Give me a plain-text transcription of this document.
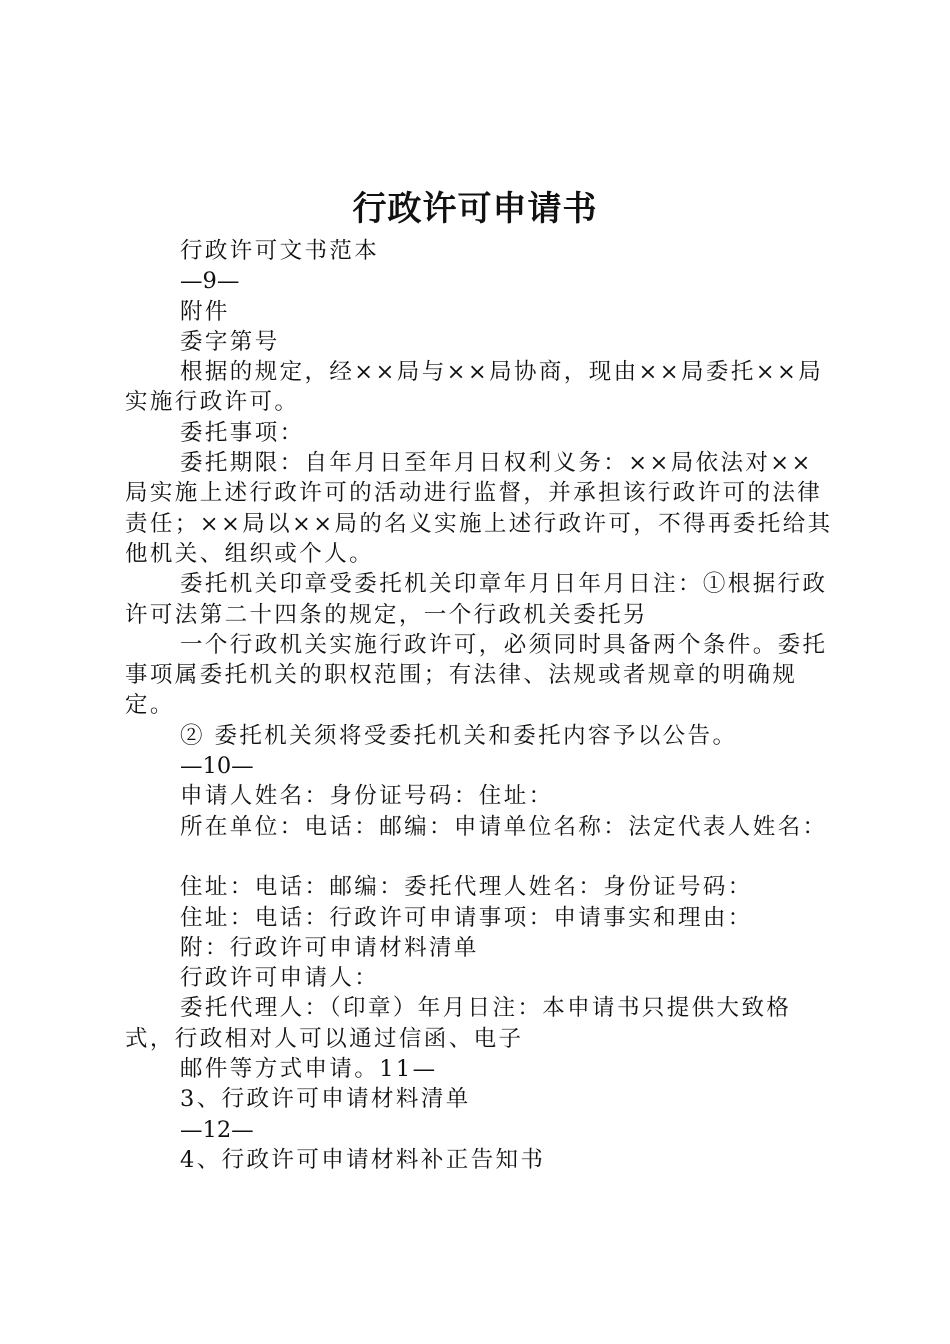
行政许可申请书

行政许可文书范本

—9—

附件

委字第号

根据的规定，经××局与××局协商，现由××局委托××局实施行政许可。

委托事项：

委托期限：自年月日至年月日权利义务：××局依法对××局实施上述行政许可的活动进行监督，并承担该行政许可的法律责任；××局以××局的名义实施上述行政许可，不得再委托给其他机关、组织或个人。

委托机关印章受委托机关印章年月日年月日注：①根据行政许可法第二十四条的规定，一个行政机关委托另

一个行政机关实施行政许可，必须同时具备两个条件。委托事项属委托机关的职权范围；有法律、法规或者规章的明确规定。

② 委托机关须将受委托机关和委托内容予以公告。

—10—

申请人姓名：身份证号码：住址：

所在单位：电话：邮编：申请单位名称：法定代表人姓名：

住址：电话：邮编：委托代理人姓名：身份证号码：

住址：电话：行政许可申请事项：申请事实和理由：

附：行政许可申请材料清单

行政许可申请人：

委托代理人：（印章）年月日注：本申请书只提供大致格式，行政相对人可以通过信函、电子

邮件等方式申请。11—

3、行政许可申请材料清单

—12—

4、行政许可申请材料补正告知书
